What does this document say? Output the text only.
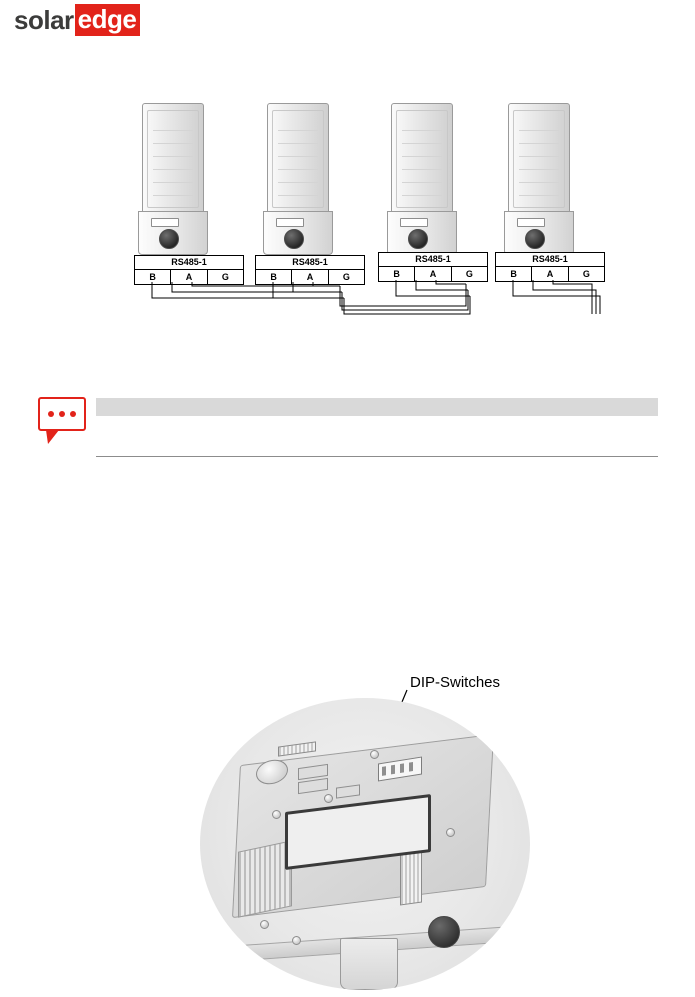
solar edge
RS485-1
B	A	G
RS485-1
B	A	G
RS485-1
B	A	G
RS485-1
B	A	G
DIP-Switches
